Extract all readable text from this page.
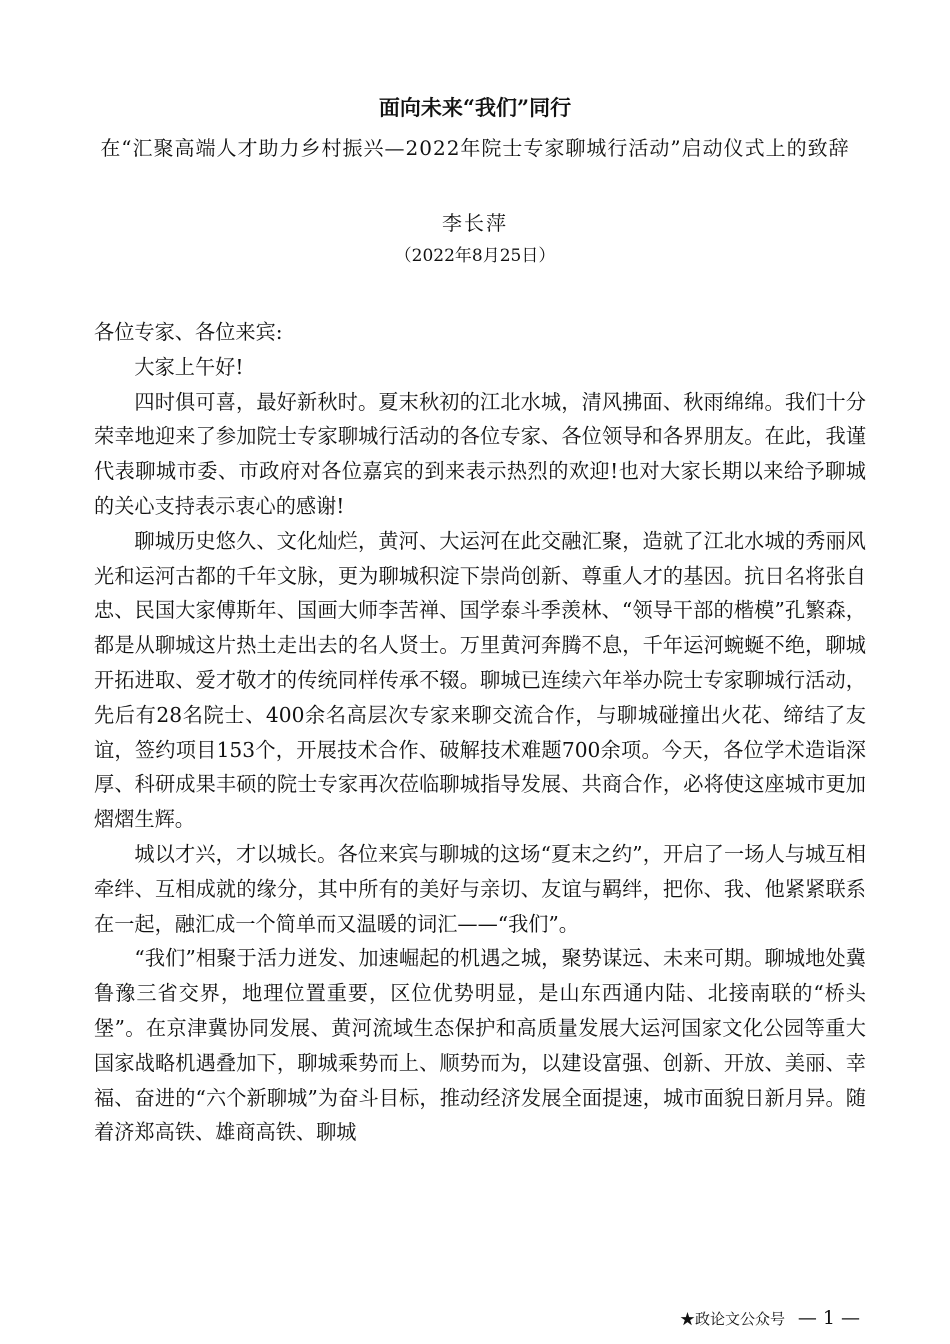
面向未来“我们”同行
在“汇聚高端人才助力乡村振兴—2022年院士专家聊城行活动”启动仪式上的致辞
李长萍
（2022年8月25日）

各位专家、各位来宾:

大家上午好!

四时俱可喜，最好新秋时。夏末秋初的江北水城，清风拂面、秋雨绵绵。我们十分荣幸地迎来了参加院士专家聊城行活动的各位专家、各位领导和各界朋友。在此，我谨代表聊城市委、市政府对各位嘉宾的到来表示热烈的欢迎!也对大家长期以来给予聊城的关心支持表示衷心的感谢!

聊城历史悠久、文化灿烂，黄河、大运河在此交融汇聚，造就了江北水城的秀丽风光和运河古都的千年文脉，更为聊城积淀下崇尚创新、尊重人才的基因。抗日名将张自忠、民国大家傅斯年、国画大师李苦禅、国学泰斗季羡林、“领导干部的楷模”孔繁森，都是从聊城这片热土走出去的名人贤士。万里黄河奔腾不息，千年运河蜿蜒不绝，聊城开拓进取、爱才敬才的传统同样传承不辍。聊城已连续六年举办院士专家聊城行活动，先后有28名院士、400余名高层次专家来聊交流合作，与聊城碰撞出火花、缔结了友谊，签约项目153个，开展技术合作、破解技术难题700余项。今天，各位学术造诣深厚、科研成果丰硕的院士专家再次莅临聊城指导发展、共商合作，必将使这座城市更加熠熠生辉。

城以才兴，才以城长。各位来宾与聊城的这场“夏末之约”，开启了一场人与城互相牵绊、互相成就的缘分，其中所有的美好与亲切、友谊与羁绊，把你、我、他紧紧联系在一起，融汇成一个简单而又温暖的词汇——“我们”。

“我们”相聚于活力迸发、加速崛起的机遇之城，聚势谋远、未来可期。聊城地处冀鲁豫三省交界，地理位置重要，区位优势明显，是山东西通内陆、北接南联的“桥头堡”。在京津冀协同发展、黄河流域生态保护和高质量发展大运河国家文化公园等重大国家战略机遇叠加下，聊城乘势而上、顺势而为，以建设富强、创新、开放、美丽、幸福、奋进的“六个新聊城”为奋斗目标，推动经济发展全面提速，城市面貌日新月异。随着济郑高铁、雄商高铁、聊城

★政论文公众号 — 1 —
